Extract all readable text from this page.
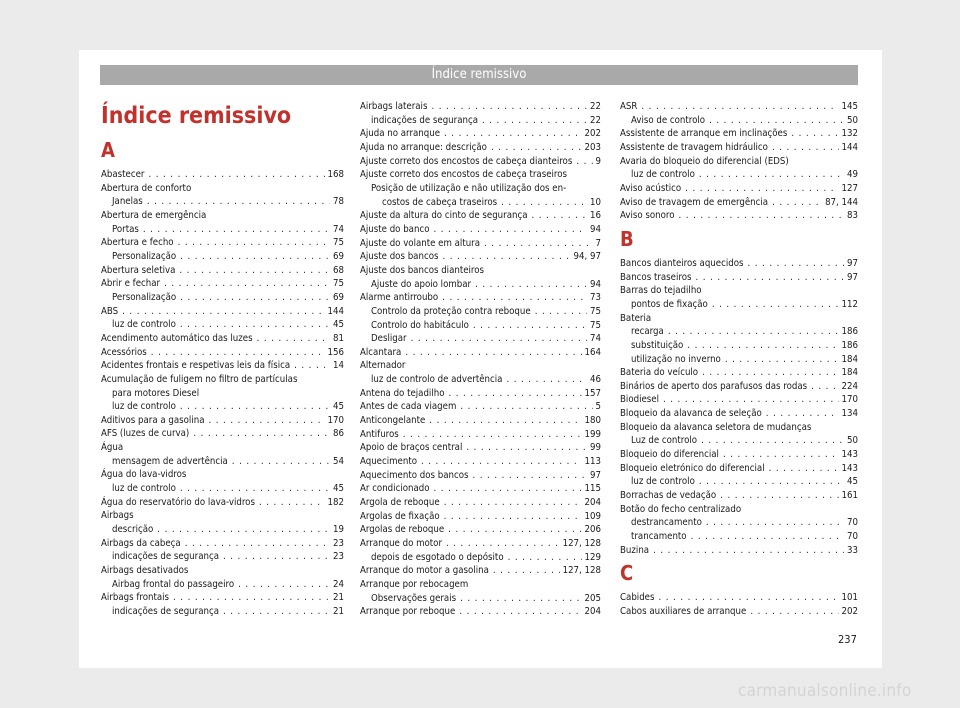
Índice remissivo
Índice remissivo
A
Abastecer . . .	168
Abertura de conforto
Janelas . . .	78
Abertura de emergência
Portas . . .	74
Abertura e fecho . . .	75
Personalização . . .	69
Abertura seletiva . . .	68
Abrir e fechar . . .	75
Personalização . . .	69
ABS . . .	144
luz de controlo . . .	45
Acendimento automático das luzes . . .	81
Acessórios . . .	156
Acidentes frontais e respetivas leis da física . . .	14
Acumulação de fuligem no filtro de partículas
para motores Diesel
luz de controlo . . .	45
Aditivos para a gasolina . . .	170
AFS (luzes de curva) . . .	86
Água
mensagem de advertência . . .	54
Água do lava-vidros
luz de controlo . . .	45
Água do reservatório do lava-vidros . . .	182
Airbags
descrição . . .	19
Airbags da cabeça . . .	23
indicações de segurança . . .	23
Airbags desativados
Airbag frontal do passageiro . . .	24
Airbags frontais . . .	21
indicações de segurança . . .	21
Airbags laterais . . .	22
indicações de segurança . . .	22
Ajuda no arranque . . .	202
Ajuda no arranque: descrição . . .	203
Ajuste correto dos encostos de cabeça dianteiros . . . 9
Ajuste correto dos encostos de cabeça traseiros
Posição de utilização e não utilização dos en-
costos de cabeça traseiros . . .	10
Ajuste da altura do cinto de segurança . . .	16
Ajuste do banco . . .	94
Ajuste do volante em altura . . .	7
Ajuste dos bancos . . .	94, 97
Ajuste dos bancos dianteiros
Ajuste do apoio lombar . . .	94
Alarme antirroubo . . .	73
Controlo da proteção contra reboque . . .	75
Controlo do habitáculo . . .	75
Desligar . . .	74
Alcantara . . .	164
Alternador
luz de controlo de advertência . . .	46
Antena do tejadilho . . .	157
Antes de cada viagem . . .	5
Anticongelante . . .	180
Antifuros . . .	199
Apoio de braços central . . .	99
Aquecimento . . .	113
Aquecimento dos bancos . . .	97
Ar condicionado . . .	115
Argola de reboque . . .	204
Argolas de fixação . . .	109
Argolas de reboque . . .	206
Arranque do motor . . .	127, 128
depois de esgotado o depósito . . .	129
Arranque do motor a gasolina . . .	127, 128
Arranque por rebocagem
Observações gerais . . .	205
Arranque por reboque . . .	204
ASR . . .	145
Aviso de controlo . . .	50
Assistente de arranque em inclinações . . .	132
Assistente de travagem hidráulico . . .	144
Avaria do bloqueio do diferencial (EDS)
luz de controlo . . .	49
Aviso acústico . . .	127
Aviso de travagem de emergência . . .	87, 144
Aviso sonoro . . .	83
B
Bancos dianteiros aquecidos . . .	97
Bancos traseiros . . .	97
Barras do tejadilho
pontos de fixação . . .	112
Bateria
recarga . . .	186
substituição . . .	186
utilização no inverno . . .	184
Bateria do veículo . . .	184
Binários de aperto dos parafusos das rodas . . .	224
Biodiesel . . .	170
Bloqueio da alavanca de seleção . . .	134
Bloqueio da alavanca seletora de mudanças
Luz de controlo . . .	50
Bloqueio do diferencial . . .	143
Bloqueio eletrónico do diferencial . . .	143
luz de controlo . . .	45
Borrachas de vedação . . .	161
Botão do fecho centralizado
destrancamento . . .	70
trancamento . . .	70
Buzina . . .	33
C
Cabides . . .	101
Cabos auxiliares de arranque . . .	202
237
carmanualsonline.info
